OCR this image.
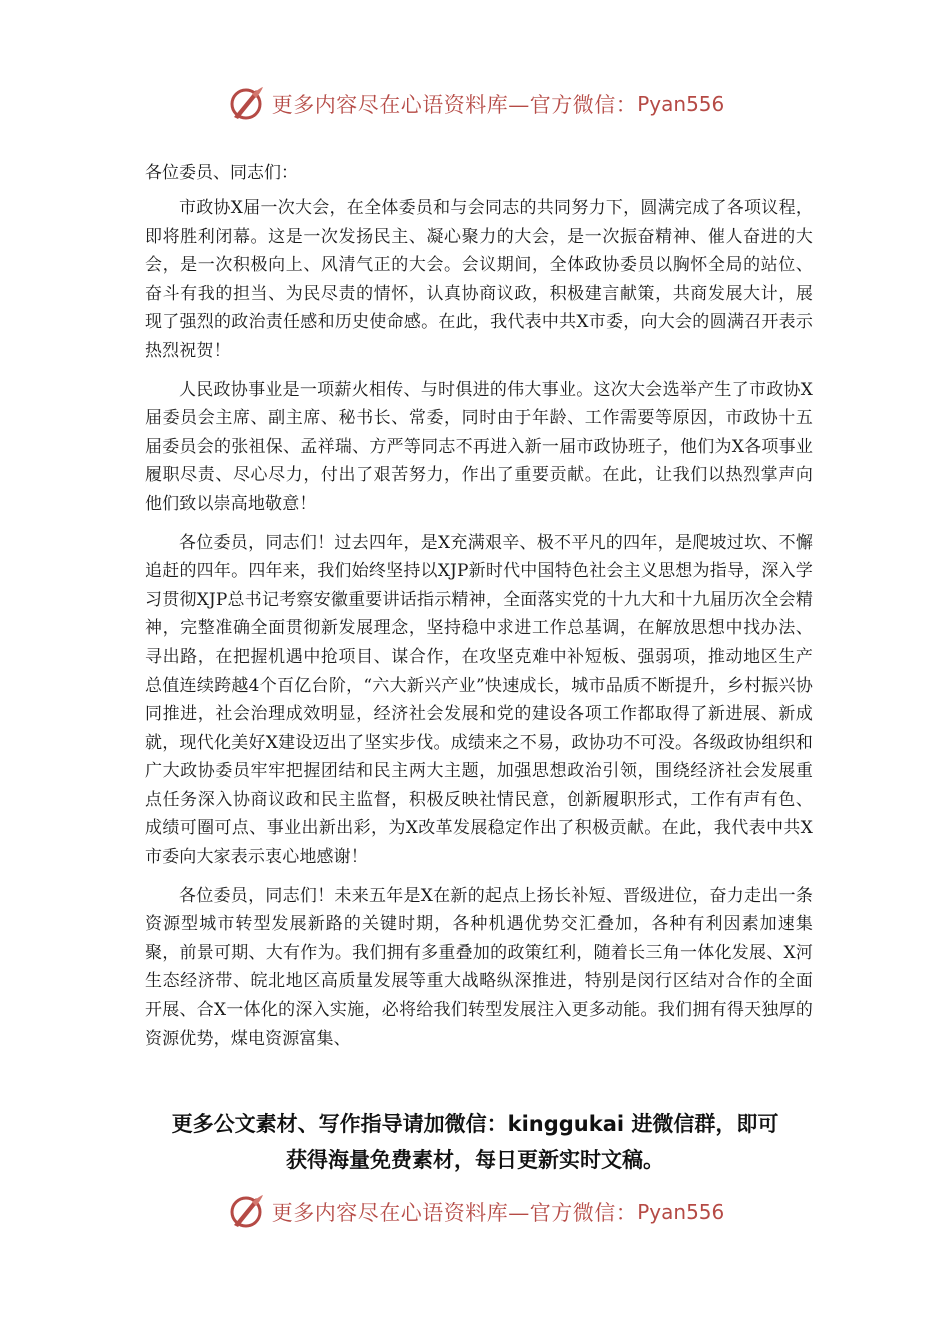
更多内容尽在心语资料库—官方微信： Pyan556

各位委员、同志们：

市政协X届一次大会，在全体委员和与会同志的共同努力下，圆满完成了各项议程，即将胜利闭幕。这是一次发扬民主、凝心聚力的大会，是一次振奋精神、催人奋进的大会，是一次积极向上、风清气正的大会。会议期间，全体政协委员以胸怀全局的站位、奋斗有我的担当、为民尽责的情怀，认真协商议政，积极建言献策，共商发展大计，展现了强烈的政治责任感和历史使命感。在此，我代表中共X市委，向大会的圆满召开表示热烈祝贺！

人民政协事业是一项薪火相传、与时俱进的伟大事业。这次大会选举产生了市政协X届委员会主席、副主席、秘书长、常委，同时由于年龄、工作需要等原因，市政协十五届委员会的张祖保、孟祥瑞、方严等同志不再进入新一届市政协班子，他们为X各项事业履职尽责、尽心尽力，付出了艰苦努力，作出了重要贡献。在此，让我们以热烈掌声向他们致以崇高地敬意！

各位委员，同志们！过去四年，是X充满艰辛、极不平凡的四年，是爬坡过坎、不懈追赶的四年。四年来，我们始终坚持以XJP新时代中国特色社会主义思想为指导，深入学习贯彻XJP总书记考察安徽重要讲话指示精神，全面落实党的十九大和十九届历次全会精神，完整准确全面贯彻新发展理念，坚持稳中求进工作总基调，在解放思想中找办法、寻出路，在把握机遇中抢项目、谋合作，在攻坚克难中补短板、强弱项，推动地区生产总值连续跨越4个百亿台阶，“六大新兴产业”快速成长，城市品质不断提升，乡村振兴协同推进，社会治理成效明显，经济社会发展和党的建设各项工作都取得了新进展、新成就，现代化美好X建设迈出了坚实步伐。成绩来之不易，政协功不可没。各级政协组织和广大政协委员牢牢把握团结和民主两大主题，加强思想政治引领，围绕经济社会发展重点任务深入协商议政和民主监督，积极反映社情民意，创新履职形式，工作有声有色、成绩可圈可点、事业出新出彩，为X改革发展稳定作出了积极贡献。在此，我代表中共X市委向大家表示衷心地感谢！

各位委员，同志们！未来五年是X在新的起点上扬长补短、晋级进位，奋力走出一条资源型城市转型发展新路的关键时期，各种机遇优势交汇叠加，各种有利因素加速集聚，前景可期、大有作为。我们拥有多重叠加的政策红利，随着长三角一体化发展、X河生态经济带、皖北地区高质量发展等重大战略纵深推进，特别是闵行区结对合作的全面开展、合X一体化的深入实施，必将给我们转型发展注入更多动能。我们拥有得天独厚的资源优势，煤电资源富集、

更多公文素材、写作指导请加微信：kinggukai 进微信群，即可
获得海量免费素材，每日更新实时文稿。
更多内容尽在心语资料库—官方微信： Pyan556
